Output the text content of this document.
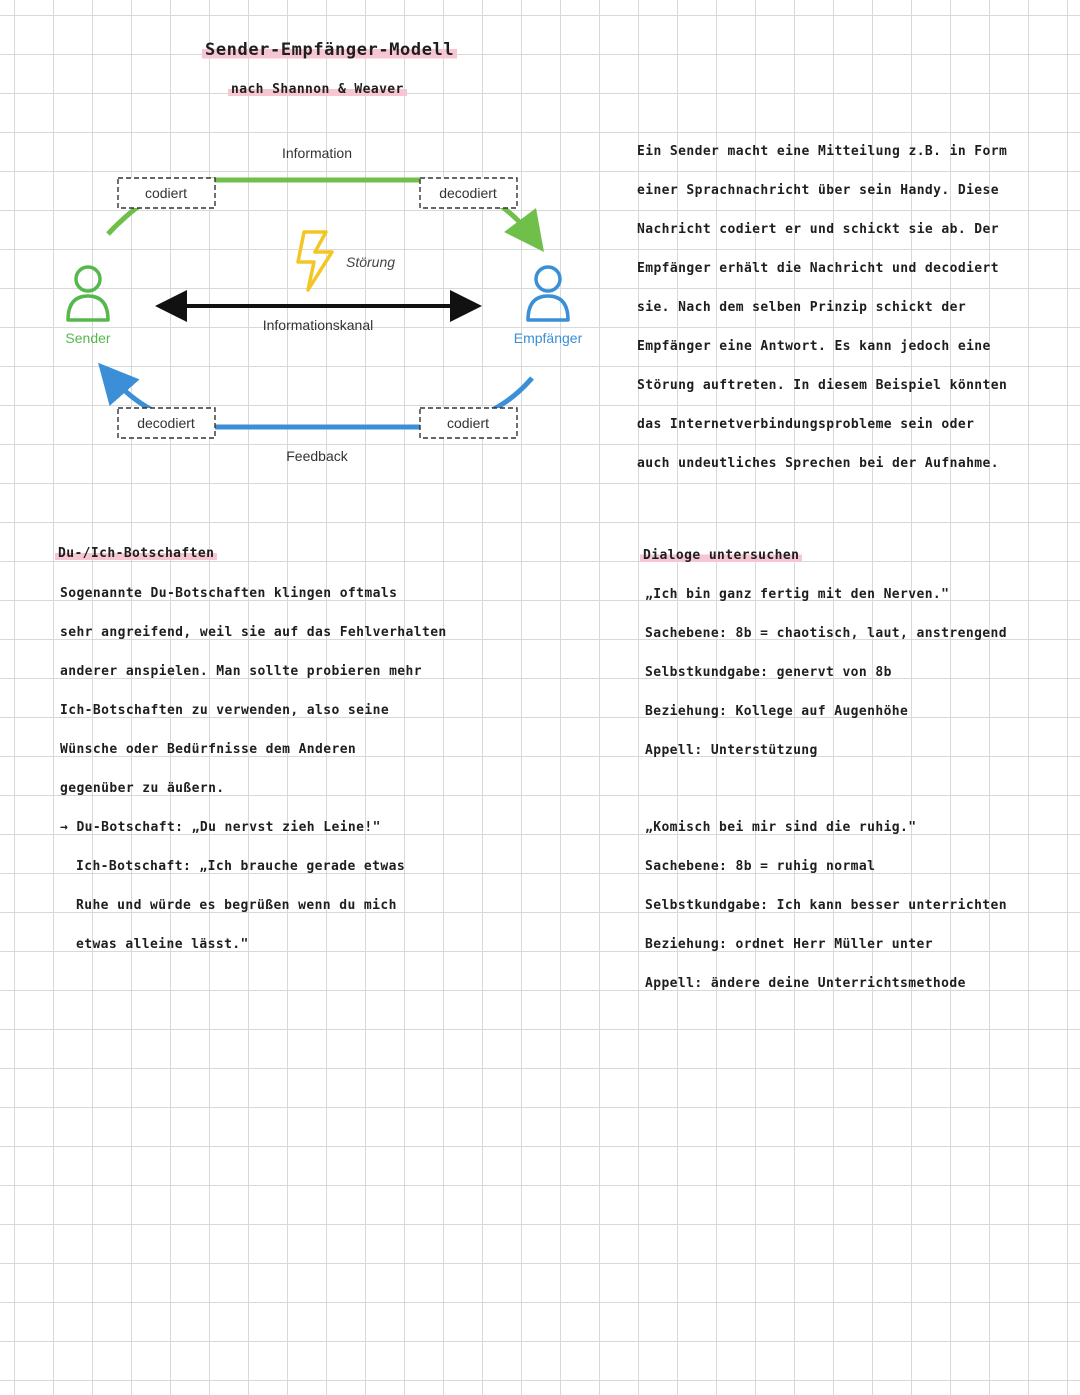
Sender-Empfänger-Modell
nach Shannon & Weaver
Information
codiert	decodiert
Störung
Sender	Empfänger
Informationskanal
decodiert	codiert
Feedback
Ein Sender macht eine Mitteilung z.B. in Form
einer Sprachnachricht über sein Handy. Diese
Nachricht codiert er und schickt sie ab. Der
Empfänger erhält die Nachricht und decodiert
sie. Nach dem selben Prinzip schickt der
Empfänger eine Antwort. Es kann jedoch eine
Störung auftreten. In diesem Beispiel könnten
das Internetverbindungsprobleme sein oder
auch undeutliches Sprechen bei der Aufnahme.
Du-/Ich-Botschaften
Sogenannte Du-Botschaften klingen oftmals
sehr angreifend, weil sie auf das Fehlverhalten
anderer anspielen. Man sollte probieren mehr
Ich-Botschaften zu verwenden, also seine
Wünsche oder Bedürfnisse dem Anderen
gegenüber zu äußern.
→ Du-Botschaft: „Du nervst zieh Leine!"
Ich-Botschaft: „Ich brauche gerade etwas
Ruhe und würde es begrüßen wenn du mich
etwas alleine lässt."
Dialoge untersuchen
„Ich bin ganz fertig mit den Nerven."
Sachebene: 8b = chaotisch, laut, anstrengend
Selbstkundgabe: genervt von 8b
Beziehung: Kollege auf Augenhöhe
Appell: Unterstützung
„Komisch bei mir sind die ruhig."
Sachebene: 8b = ruhig normal
Selbstkundgabe: Ich kann besser unterrichten
Beziehung: ordnet Herr Müller unter
Appell: ändere deine Unterrichtsmethode
